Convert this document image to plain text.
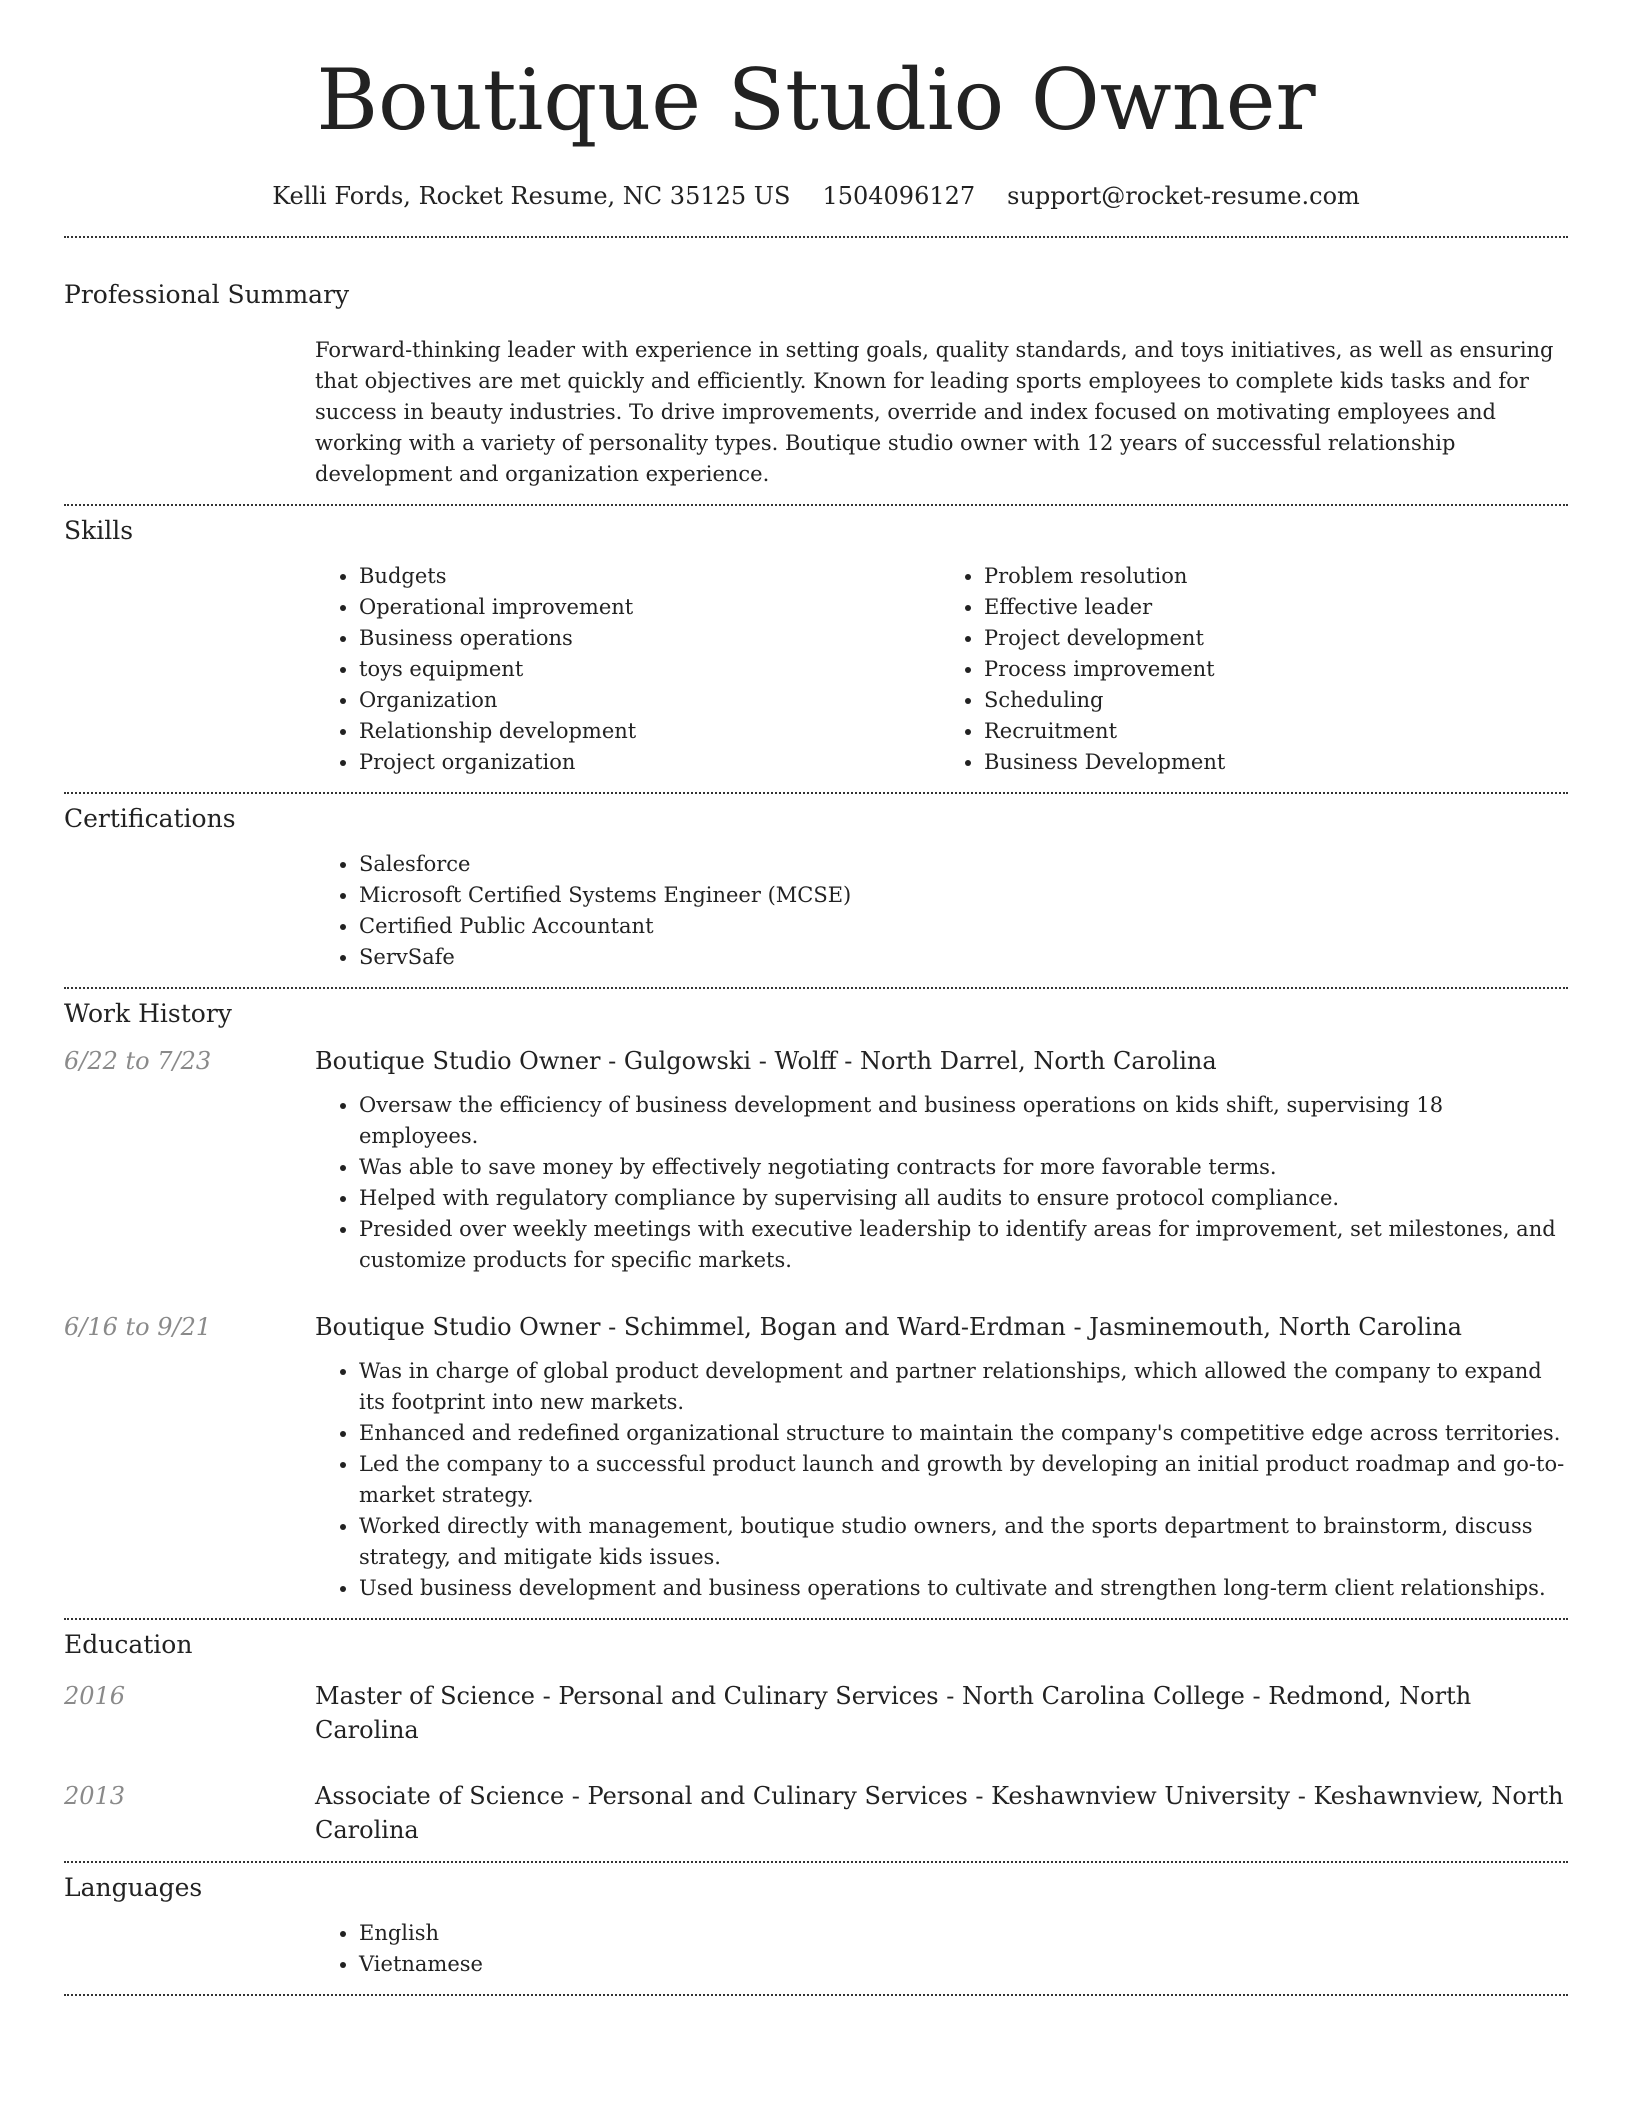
Boutique Studio Owner
Kelli Fords, Rocket Resume, NC 35125 US 1504096127 support@rocket-resume.com
Professional Summary
Forward-thinking leader with experience in setting goals, quality standards, and toys initiatives, as well as ensuring that objectives are met quickly and efficiently. Known for leading sports employees to complete kids tasks and for success in beauty industries. To drive improvements, override and index focused on motivating employees and working with a variety of personality types. Boutique studio owner with 12 years of successful relationship development and organization experience.
Skills
• Budgets
• Operational improvement
• Business operations
• toys equipment
• Organization
• Relationship development
• Project organization
• Problem resolution
• Effective leader
• Project development
• Process improvement
• Scheduling
• Recruitment
• Business Development
Certifications
• Salesforce
• Microsoft Certified Systems Engineer (MCSE)
• Certified Public Accountant
• ServSafe
Work History
6/22 to 7/23	Boutique Studio Owner - Gulgowski - Wolff - North Darrel, North Carolina
• Oversaw the efficiency of business development and business operations on kids shift, supervising 18 employees.
• Was able to save money by effectively negotiating contracts for more favorable terms.
• Helped with regulatory compliance by supervising all audits to ensure protocol compliance.
• Presided over weekly meetings with executive leadership to identify areas for improvement, set milestones, and customize products for specific markets.
6/16 to 9/21	Boutique Studio Owner - Schimmel, Bogan and Ward-Erdman - Jasminemouth, North Carolina
• Was in charge of global product development and partner relationships, which allowed the company to expand its footprint into new markets.
• Enhanced and redefined organizational structure to maintain the company's competitive edge across territories.
• Led the company to a successful product launch and growth by developing an initial product roadmap and go-to-market strategy.
• Worked directly with management, boutique studio owners, and the sports department to brainstorm, discuss strategy, and mitigate kids issues.
• Used business development and business operations to cultivate and strengthen long-term client relationships.
Education
2016	Master of Science - Personal and Culinary Services - North Carolina College - Redmond, North Carolina
2013	Associate of Science - Personal and Culinary Services - Keshawnview University - Keshawnview, North Carolina
Languages
• English
• Vietnamese
